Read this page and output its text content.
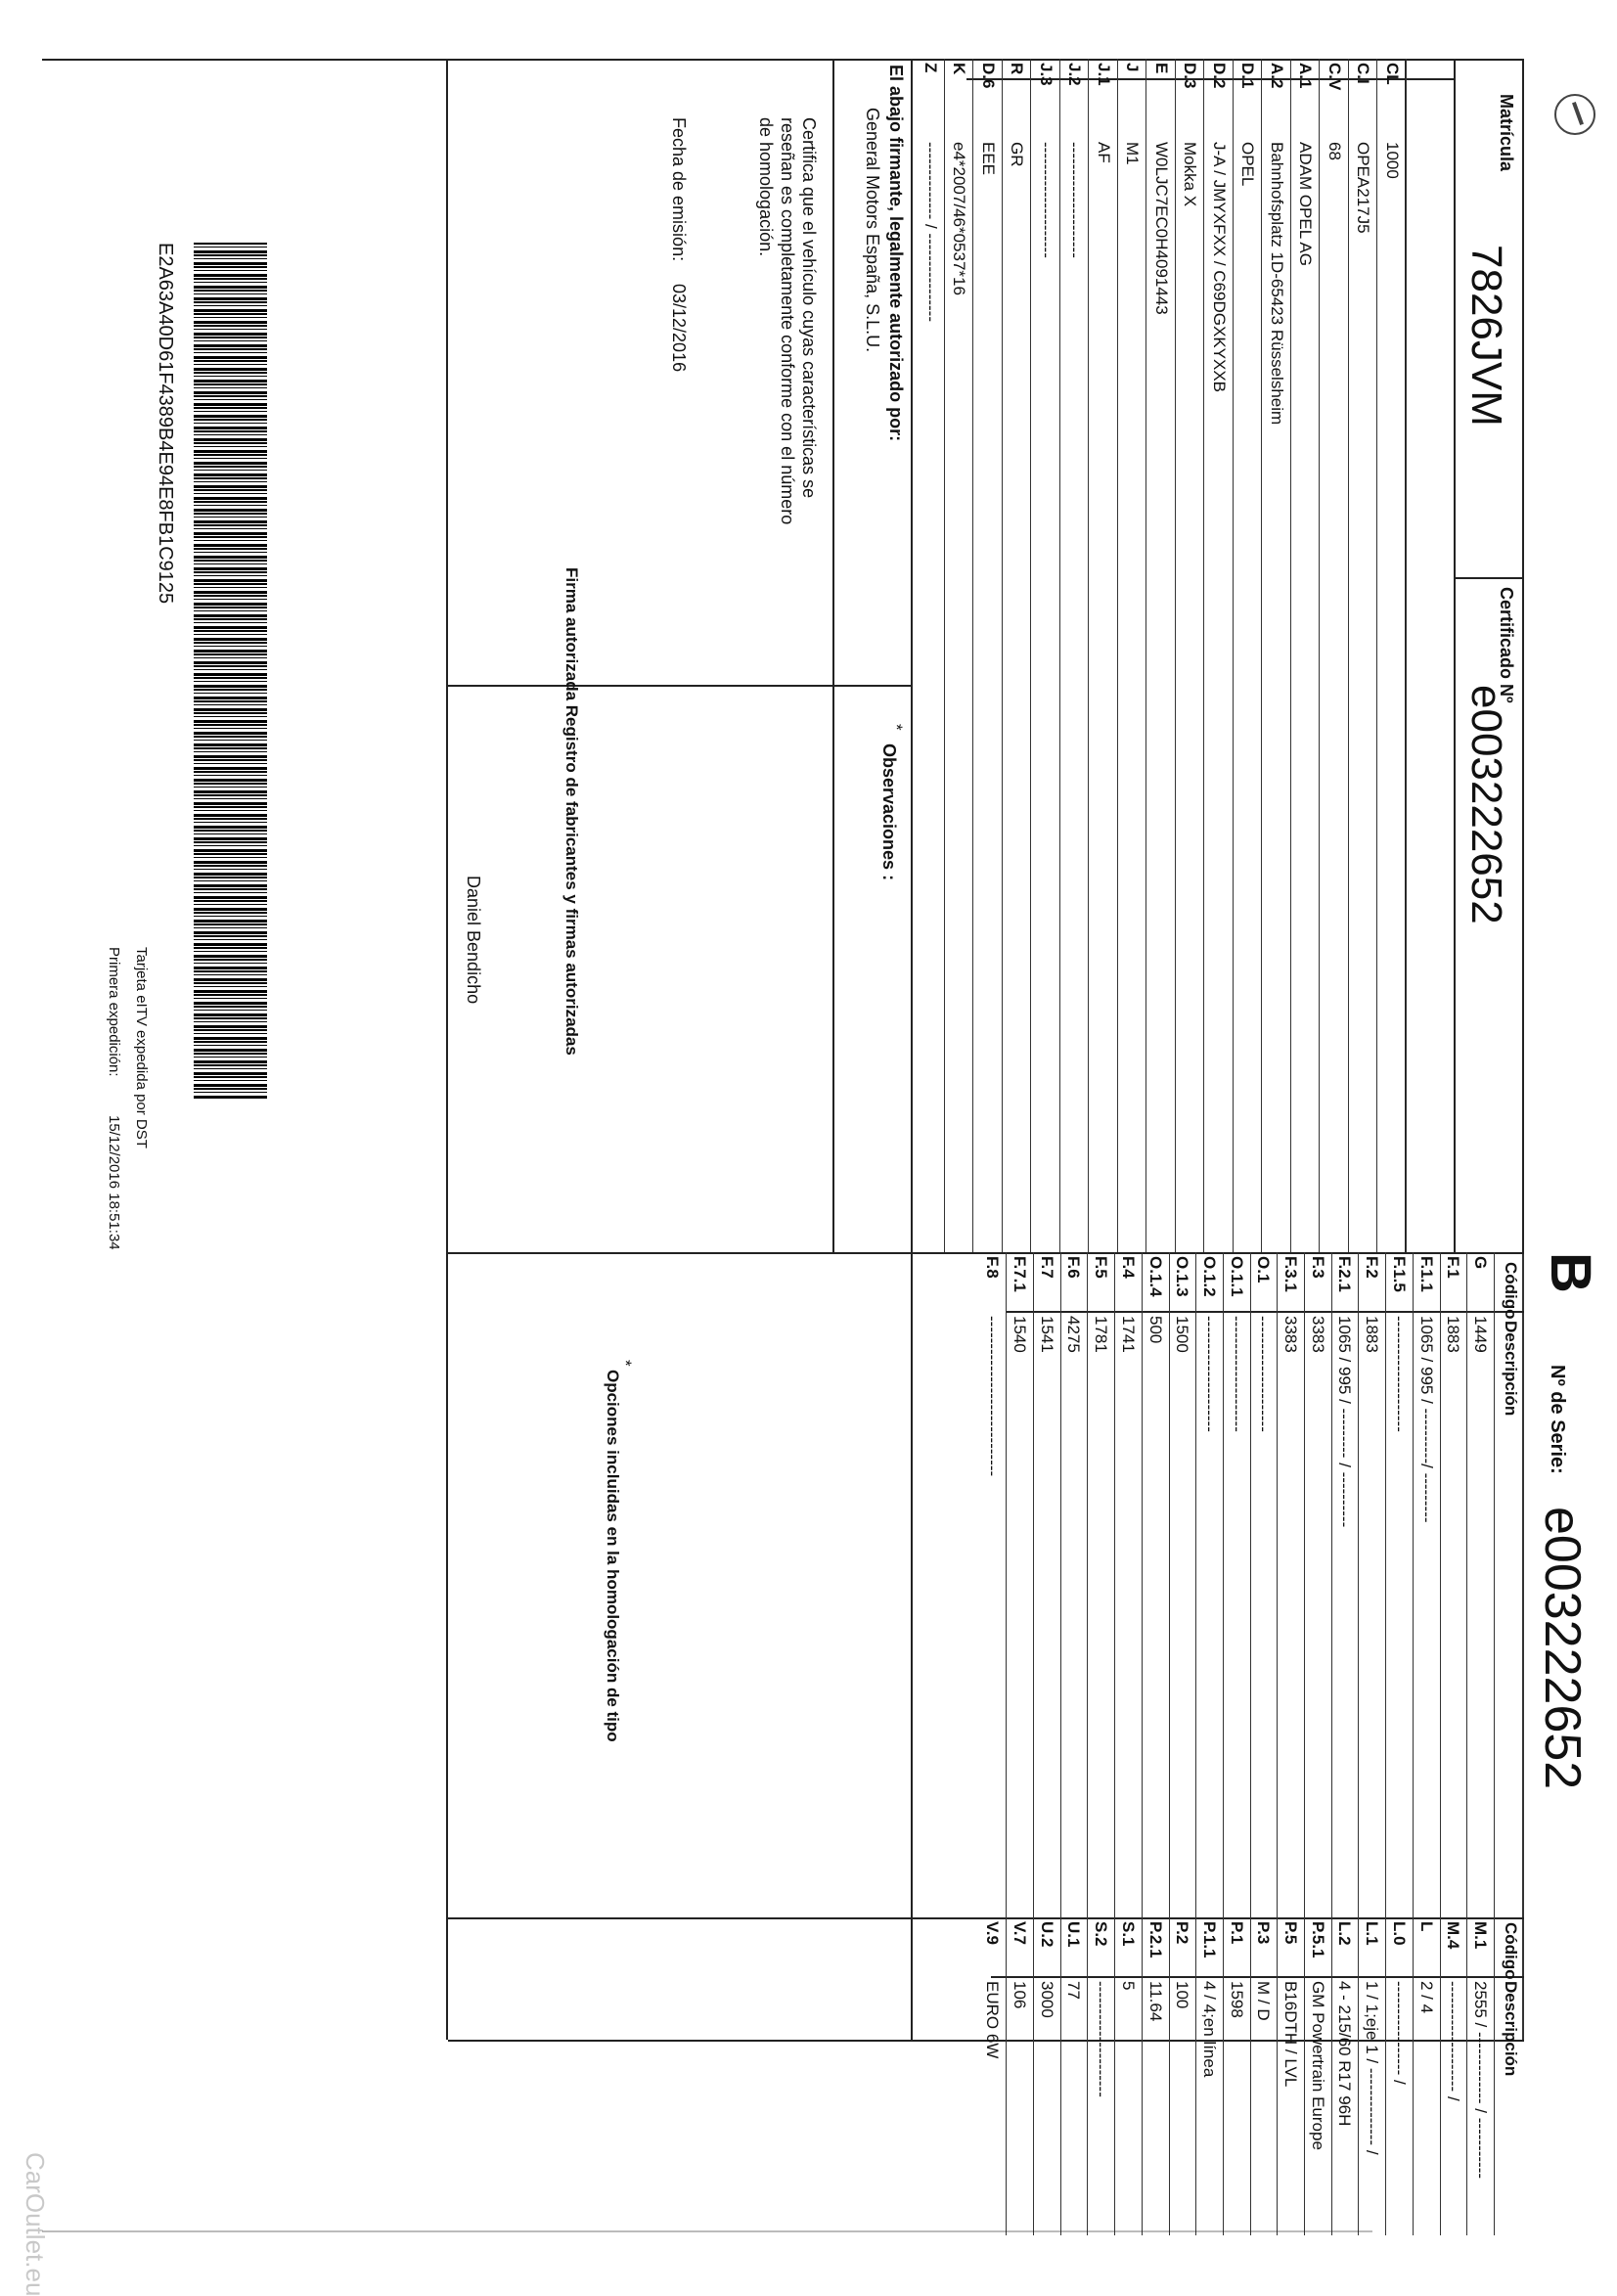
B
Nº de Serie:
e003222652
Matrícula
7826JVM
Certificado Nº
e003222652
CL
1000
C.I
OPEA217J5
C.V
68
A.1
ADAM OPEL AG
A.2
Bahnhofsplatz 1D-65423 Rüsselsheim
D.1
OPEL
D.2
J-A / JMYXFXX / C69DGXKYXXB
D.3
Mokka X
E
W0LJC7EC0H4091443
J
M1
J.1
AF
J.2
---------------------
J.3
---------------------
R
GR
D.6
EEE
K
e4*2007/46*0537*16
Z
-------------- / ----------------
Código
Descripción
G
1449
F.1
1883
F.1.1
1065 / 995 / ----------/ ---------
F.1.5
---------------------
F.2
1883
F.2.1
1065 / 995 / --------- / ----------
F.3
3383
F.3.1
3383
O.1
---------------------
O.1.1
---------------------
O.1.2
---------------------
O.1.3
1500
O.1.4
500
F.4
1741
F.5
1781
F.6
4275
F.7
1541
F.7.1
1540
F.8
-----------------------------
Código
Descripción
M.1
2555 / ------------- / -----------
M.4
-------------------- /
L
2 / 4
L.0
----------------- /
L.1
1 / 1;eje 1 / -------------- /
L.2
4 - 215/60 R17 96H
P.5.1
GM Powertrain Europe
P.5
B16DTH / LVL
P.3
M / D
P.1
1598
P.1.1
4 / 4;en línea
P.2
100
P.2.1
11.64
S.1
5
S.2
---------------------
U.1
77
U.2
3000
V.7
106
V.9
EURO 6W
Observaciones :
*
El abajo firmante, legalmente autorizado por:
General Motors España, S.L.U.
Certifica que el vehículo cuyas características se reseñan es completamente conforme con el número de homologación.
Fecha de emisión:
03/12/2016
Firma autorizada Registro de fabricantes y firmas autorizadas
Daniel Bendicho
*
Opciones incluidas en la homologación de tipo
E2A63A40D61F4389B4E94E8FB1C9125
Tarjeta eITV expedida por DST
Primera expedición:
15/12/2016 18:51:34
CarOutlet.eu
